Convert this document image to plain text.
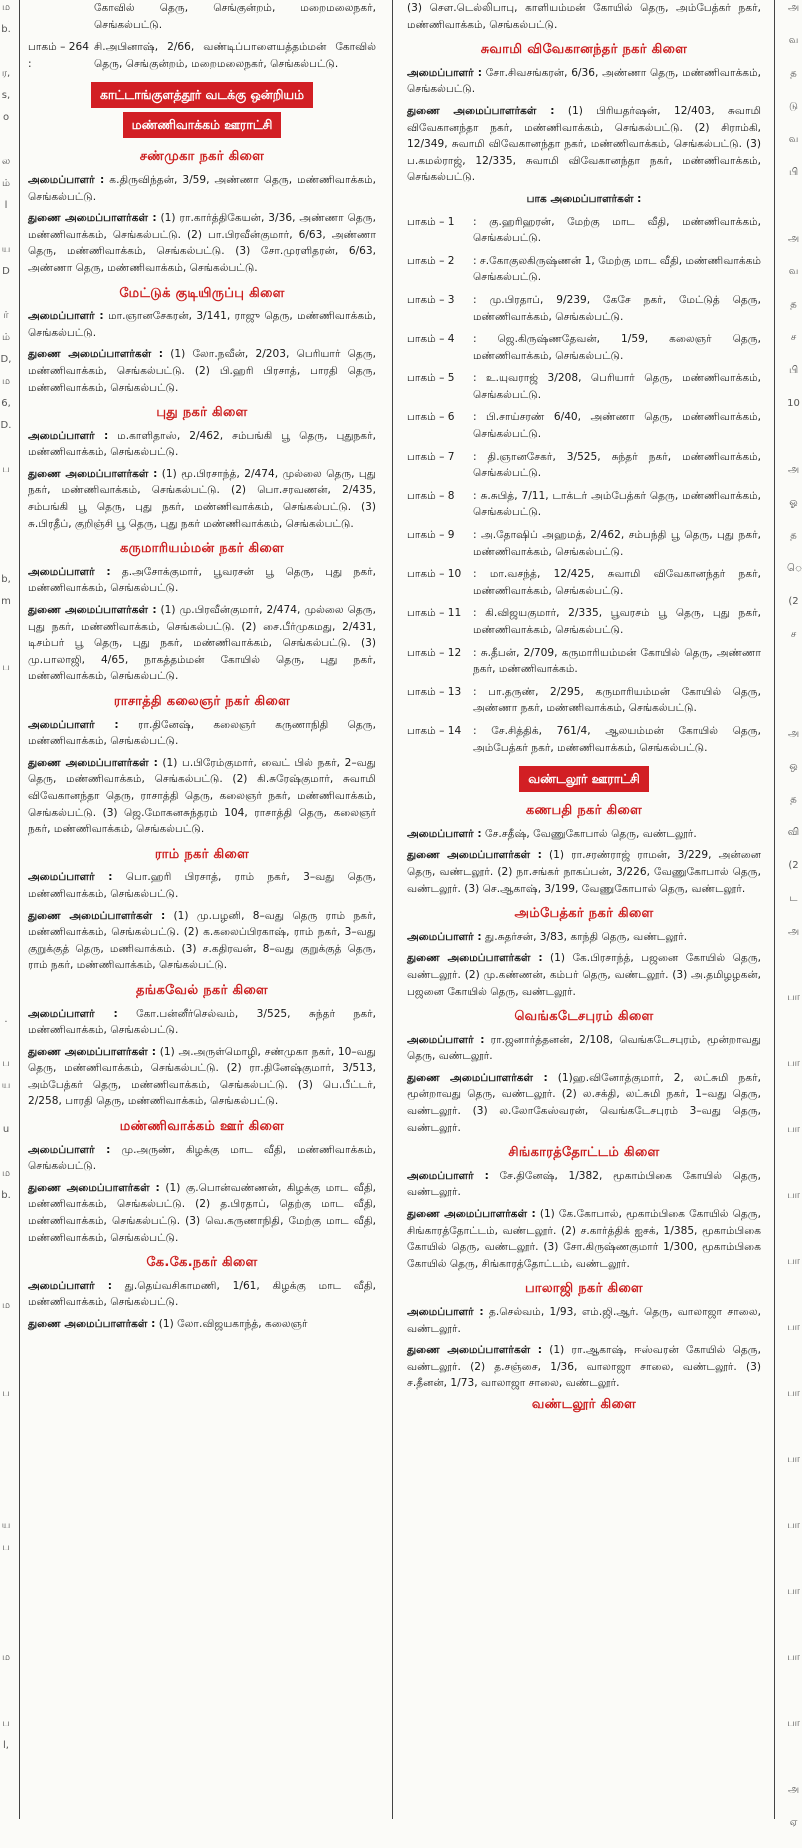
ம
b.
ர,
s,
o
ல
ம்
l
ய
D
ர்
ம்
D,
ம
6,
D.
ப
b,
m
ப
.
ப
ய
u
ம
b.
ம
ப
ய
ப
ம
ப
l,
கோவில் தெரு, செங்குன்றம், மறைமலைநகர், செங்கல்பட்டு.
பாகம் – 264 :
சி.அபினாஷ், 2/66, வண்டிப்பாளையத்தம்மன் கோவில் தெரு, செங்குன்றம், மறைமலைநகர், செங்கல்பட்டு.
காட்டாங்குளத்தூர் வடக்கு ஒன்றியம்
மண்ணிவாக்கம் ஊராட்சி
சண்முகா நகர் கிளை

அமைப்பாளர் : க.திருவிந்தன், 3/59, அண்ணா தெரு, மண்ணிவாக்கம், செங்கல்பட்டு.

துணை அமைப்பாளர்கள் : (1) ரா.கார்த்திகேயன், 3/36, அண்ணா தெரு, மண்ணிவாக்கம், செங்கல்பட்டு. (2) பா.பிரவீன்குமார், 6/63, அண்ணா தெரு, மண்ணிவாக்கம், செங்கல்பட்டு. (3) சோ.முரளிதரன், 6/63, அண்ணா தெரு, மண்ணிவாக்கம், செங்கல்பட்டு.

மேட்டுக் குடியிருப்பு கிளை

அமைப்பாளர் : மா.ஞானசேகரன், 3/141, ராஜு தெரு, மண்ணிவாக்கம், செங்கல்பட்டு.

துணை அமைப்பாளர்கள் : (1) லோ.நவீன், 2/203, பெரியார் தெரு, மண்ணிவாக்கம், செங்கல்பட்டு. (2) பி.ஹரி பிரசாத், பாரதி தெரு, மண்ணிவாக்கம், செங்கல்பட்டு.

புது நகர் கிளை

அமைப்பாளர் : ம.காளிதாஸ், 2/462, சம்பங்கி பூ தெரு, புதுநகர், மண்ணிவாக்கம், செங்கல்பட்டு.

துணை அமைப்பாளர்கள் : (1) மூ.பிரசாந்த், 2/474, முல்லை தெரு, புது நகர், மண்ணிவாக்கம், செங்கல்பட்டு. (2) பொ.சரவணன், 2/435, சம்பங்கி பூ தெரு, புது நகர், மண்ணிவாக்கம், செங்கல்பட்டு. (3) சு.பிரதீப், குறிஞ்சி பூ தெரு, புது நகர் மண்ணிவாக்கம், செங்கல்பட்டு.

கருமாரியம்மன் நகர் கிளை

அமைப்பாளர் : த.அசோக்குமார், பூவரசன் பூ தெரு, புது நகர், மண்ணிவாக்கம், செங்கல்பட்டு.

துணை அமைப்பாளர்கள் : (1) மு.பிரவீன்குமார், 2/474, முல்லை தெரு, புது நகர், மண்ணிவாக்கம், செங்கல்பட்டு. (2) சை.பீர்முகமது, 2/431, டிசம்பர் பூ தெரு, புது நகர், மண்ணிவாக்கம், செங்கல்பட்டு. (3) மு.பாலாஜி, 4/65, நாகத்தம்மன் கோயில் தெரு, புது நகர், மண்ணிவாக்கம், செங்கல்பட்டு.

ராசாத்தி கலைஞர் நகர் கிளை

அமைப்பாளர் : ரா.தினேஷ், கலைஞர் கருணாநிதி தெரு, மண்ணிவாக்கம், செங்கல்பட்டு.

துணை அமைப்பாளர்கள் : (1) ப.பிரேம்குமார், வைட் பில் நகர், 2–வது தெரு, மண்ணிவாக்கம், செங்கல்பட்டு. (2) கி.சுரேஷ்குமார், சுவாமி விவேகானந்தா தெரு, ராசாத்தி தெரு, கலைஞர் நகர், மண்ணிவாக்கம், செங்கல்பட்டு. (3) ஜெ.மோகனசுந்தரம் 104, ராசாத்தி தெரு, கலைஞர் நகர், மண்ணிவாக்கம், செங்கல்பட்டு.

ராம் நகர் கிளை

அமைப்பாளர் : பொ.ஹரி பிரசாத், ராம் நகர், 3–வது தெரு, மண்ணிவாக்கம், செங்கல்பட்டு.

துணை அமைப்பாளர்கள் : (1) மு.பழனி, 8–வது தெரு ராம் நகர், மண்ணிவாக்கம், செங்கல்பட்டு. (2) க.கலைப்பிரகாஷ், ராம் நகர், 3–வது குறுக்குத் தெரு, மணிவாக்கம். (3) ச.கதிரவன், 8–வது குறுக்குத் தெரு, ராம் நகர், மண்ணிவாக்கம், செங்கல்பட்டு.

தங்கவேல் நகர் கிளை

அமைப்பாளர் : கோ.பன்னீர்செல்வம், 3/525, சுந்தர் நகர், மண்ணிவாக்கம், செங்கல்பட்டு.

துணை அமைப்பாளர்கள் : (1) அ.அருள்மொழி, சண்முகா நகர், 10–வது தெரு, மண்ணிவாக்கம், செங்கல்பட்டு. (2) ரா.தினேஷ்குமார், 3/513, அம்பேத்கர் தெரு, மண்ணிவாக்கம், செங்கல்பட்டு. (3) பெ.பீட்டர், 2/258, பாரதி தெரு, மண்ணிவாக்கம், செங்கல்பட்டு.

மண்ணிவாக்கம் ஊர் கிளை

அமைப்பாளர் : மு.அருண், கிழக்கு மாட வீதி, மண்ணிவாக்கம், செங்கல்பட்டு.

துணை அமைப்பாளர்கள் : (1) கு.பொன்வண்ணன், கிழக்கு மாட வீதி, மண்ணிவாக்கம், செங்கல்பட்டு. (2) த.பிரதாப், தெற்கு மாட வீதி, மண்ணிவாக்கம், செங்கல்பட்டு. (3) வெ.கருணாநிதி, மேற்கு மாட வீதி, மண்ணிவாக்கம், செங்கல்பட்டு.

கே.கே.நகர் கிளை

அமைப்பாளர் : து.தெய்வசிகாமணி, 1/61, கிழக்கு மாட வீதி, மண்ணிவாக்கம், செங்கல்பட்டு.

துணை அமைப்பாளர்கள் : (1) லோ.விஜயகாந்த், கலைஞர்

(3) சௌ.டெல்லிபாபு, காளியம்மன் கோயில் தெரு, அம்பேத்கர் நகர், மண்ணிவாக்கம், செங்கல்பட்டு.

சுவாமி விவேகானந்தர் நகர் கிளை

அமைப்பாளர் : சோ.சிவசங்கரன், 6/36, அண்ணா தெரு, மண்ணிவாக்கம், செங்கல்பட்டு.

துணை அமைப்பாளர்கள் : (1) பிரியதர்ஷன், 12/403, சுவாமி விவேகானந்தா நகர், மண்ணிவாக்கம், செங்கல்பட்டு. (2) சிராம்கி, 12/349, சுவாமி விவேகானந்தா நகர், மண்ணிவாக்கம், செங்கல்பட்டு. (3) ப.கமல்ராஜ், 12/335, சுவாமி விவேகானந்தா நகர், மண்ணிவாக்கம், செங்கல்பட்டு.

பாக அமைப்பாளர்கள் :
பாகம் – 1	: கு.ஹரிஹரன், மேற்கு மாட வீதி, மண்ணிவாக்கம், செங்கல்பட்டு.
பாகம் – 2	: ச.கோகுலகிருஷ்ணன் 1, மேற்கு மாட வீதி, மண்ணிவாக்கம் செங்கல்பட்டு.
பாகம் – 3	: மு.பிரதாப், 9/239, கேசே நகர், மேட்டுத் தெரு, மண்ணிவாக்கம், செங்கல்பட்டு.
பாகம் – 4	: ஜெ.கிருஷ்ணதேவன், 1/59, கலைஞர் தெரு, மண்ணிவாக்கம், செங்கல்பட்டு.
பாகம் – 5	: உ.யுவராஜ் 3/208, பெரியார் தெரு, மண்ணிவாக்கம், செங்கல்பட்டு.
பாகம் – 6	: பி.சாய்சரண் 6/40, அண்ணா தெரு, மண்ணிவாக்கம், செங்கல்பட்டு.
பாகம் – 7	: தி.ஞானசேகர், 3/525, சுந்தர் நகர், மண்ணிவாக்கம், செங்கல்பட்டு.
பாகம் – 8	: சு.சுபித், 7/11, டாக்டர் அம்பேத்கர் தெரு, மண்ணிவாக்கம், செங்கல்பட்டு.
பாகம் – 9	: அ.தோஷிப் அஹமத், 2/462, சம்பந்தி பூ தெரு, புது நகர், மண்ணிவாக்கம், செங்கல்பட்டு.
பாகம் – 10	: மா.வசந்த், 12/425, சுவாமி விவேகானந்தர் நகர், மண்ணிவாக்கம், செங்கல்பட்டு.
பாகம் – 11	: கி.விஜயகுமார், 2/335, பூவரசம் பூ தெரு, புது நகர், மண்ணிவாக்கம், செங்கல்பட்டு.
பாகம் – 12	: சு.தீபன், 2/709, கருமாரியம்மன் கோயில் தெரு, அண்ணா நகர், மண்ணிவாக்கம்.
பாகம் – 13	: பா.தருண், 2/295, கருமாரியம்மன் கோயில் தெரு, அண்ணா நகர், மண்ணிவாக்கம், செங்கல்பட்டு.
பாகம் – 14	: சே.சித்திக், 761/4, ஆலயம்மன் கோயில் தெரு, அம்பேத்கர் நகர், மண்ணிவாக்கம், செங்கல்பட்டு.
வண்டலூர் ஊராட்சி
கணபதி நகர் கிளை

அமைப்பாளர் : சே.சதீஷ், வேணுகோபால் தெரு, வண்டலூர்.

துணை அமைப்பாளர்கள் : (1) ரா.சரண்ராஜ் ராமன், 3/229, அன்னை தெரு, வண்டலூர். (2) நா.சங்கர் நாகப்பன், 3/226, வேணுகோபால் தெரு, வண்டலூர். (3) செ.ஆகாஷ், 3/199, வேணுகோபால் தெரு, வண்டலூர்.

அம்பேத்கர் நகர் கிளை

அமைப்பாளர் : து.சுதர்சன், 3/83, காந்தி தெரு, வண்டலூர்.

துணை அமைப்பாளர்கள் : (1) கே.பிரசாந்த், பஜனை கோயில் தெரு, வண்டலூர். (2) மு.கண்ணன், கம்பர் தெரு, வண்டலூர். (3) அ.தமிழழகன், பஜனை கோயில் தெரு, வண்டலூர்.

வெங்கடேசபுரம் கிளை

அமைப்பாளர் : ரா.ஜனார்த்தனன், 2/108, வெங்கடேசபுரம், மூன்றாவது தெரு, வண்டலூர்.

துணை அமைப்பாளர்கள் : (1)ஹ.வினோத்குமார், 2, லட்சுமி நகர், மூன்றாவது தெரு, வண்டலூர். (2) ல.சக்தி, லட்சுமி நகர், 1–வது தெரு, வண்டலூர். (3) ல.லோகேஸ்வரன், வெங்கடேசபுரம் 3–வது தெரு, வண்டலூர்.

சிங்காரத்தோட்டம் கிளை

அமைப்பாளர் : சே.தினேஷ், 1/382, மூகாம்பிகை கோயில் தெரு, வண்டலூர்.

துணை அமைப்பாளர்கள் : (1) கே.கோபால், மூகாம்பிகை கோயில் தெரு, சிங்காரத்தோட்டம், வண்டலூர். (2) ச.கார்த்திக் ஐசக், 1/385, மூகாம்பிகை கோயில் தெரு, வண்டலூர். (3) சோ.கிருஷ்ணகுமார் 1/300, மூகாம்பிகை கோயில் தெரு, சிங்காரத்தோட்டம், வண்டலூர்.

பாலாஜி நகர் கிளை

அமைப்பாளர் : த.செல்வம், 1/93, எம்.ஜி.ஆர். தெரு, வாலாஜா சாலை, வண்டலூர்.

துணை அமைப்பாளர்கள் : (1) ரா.ஆகாஷ், ஈஸ்வரன் கோயில் தெரு, வண்டலூர். (2) த.சஞ்சை, 1/36, வாலாஜா சாலை, வண்டலூர். (3) ச.தீனன், 1/73, வாலாஜா சாலை, வண்டலூர்.

வண்டலூர் கிளை
அ
வ
த
டு
வ
பி
அ
வ
த
ச
பி
10
அ
ஓ
த
ெ
(2
ச
அ
ஒ
த
வி
(2
ட
அ
பா
பா
பா
பா
பா
பா
பா
பா
பா
பா
பா
பா
அ
ஏ
